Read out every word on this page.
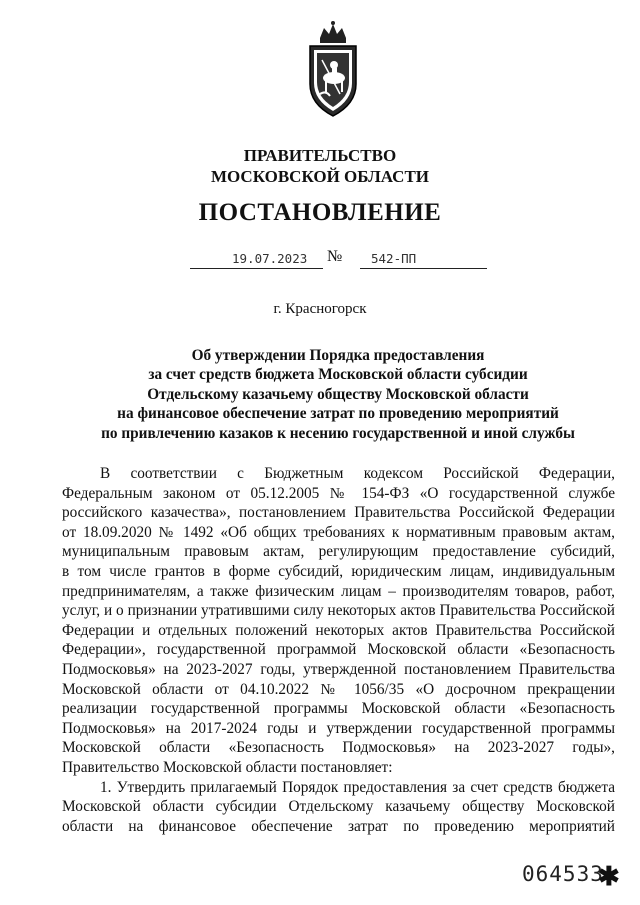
ПРАВИТЕЛЬСТВО
МОСКОВСКОЙ ОБЛАСТИ
ПОСТАНОВЛЕНИЕ
19.07.2023 № 542-ПП
г. Красногорск
Об утверждении Порядка предоставления
за счет средств бюджета Московской области субсидии
Отдельскому казачьему обществу Московской области
на финансовое обеспечение затрат по проведению мероприятий
по привлечению казаков к несению государственной и иной службы
В соответствии с Бюджетным кодексом Российской Федерации,
Федеральным законом от 05.12.2005 № 154-ФЗ «О государственной службе
российского казачества», постановлением Правительства Российской Федерации
от 18.09.2020 № 1492 «Об общих требованиях к нормативным правовым актам,
муниципальным правовым актам, регулирующим предоставление субсидий,
в том числе грантов в форме субсидий, юридическим лицам, индивидуальным
предпринимателям, а также физическим лицам – производителям товаров, работ,
услуг, и о признании утратившими силу некоторых актов Правительства Российской
Федерации и отдельных положений некоторых актов Правительства Российской
Федерации», государственной программой Московской области «Безопасность
Подмосковья» на 2023-2027 годы, утвержденной постановлением Правительства
Московской области от 04.10.2022 № 1056/35 «О досрочном прекращении
реализации государственной программы Московской области «Безопасность
Подмосковья» на 2017-2024 годы и утверждении государственной программы
Московской области «Безопасность Подмосковья» на 2023-2027 годы»,
Правительство Московской области постановляет:
1. Утвердить прилагаемый Порядок предоставления за счет средств бюджета
Московской области субсидии Отдельскому казачьему обществу Московской
области на финансовое обеспечение затрат по проведению мероприятий
064533
✱
